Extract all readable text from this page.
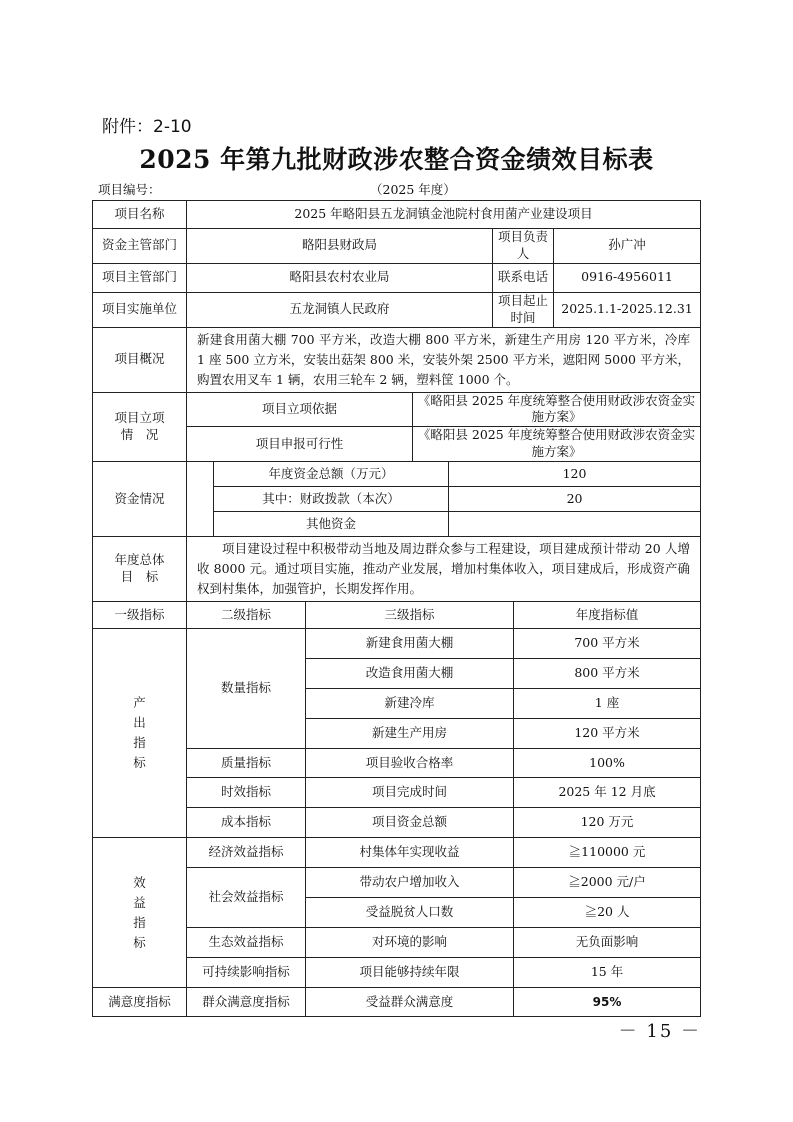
附件：2-10
2025 年第九批财政涉农整合资金绩效目标表
项目编号：	（2025 年度）
项目名称	2025 年略阳县五龙洞镇金池院村食用菌产业建设项目							
资金主管部门	略阳县财政局					项目负责人		孙广冲
项目主管部门	略阳县农村农业局					联系电话		0916-4956011
项目实施单位	五龙洞镇人民政府					项目起止时间		2025.1.1-2025.12.31
项目概况	新建食用菌大棚 700 平方米，改造大棚 800 平方米，新建生产用房 120 平方米，冷库 1 座 500 立方米，安装出菇架 800 米，安装外架 2500 平方米，遮阳网 5000 平方米，购置农用叉车 1 辆，农用三轮车 2 辆，塑料筐 1000 个。							
项目立项
情　况	项目立项依据			《略阳县 2025 年度统筹整合使用财政涉农资金实施方案》				
	项目申报可行性			《略阳县 2025 年度统筹整合使用财政涉农资金实施方案》				
资金情况		年度资金总额（万元）			120			
		其中：财政拨款（本次）			20			
		其他资金						
年度总体
目　标	项目建设过程中积极带动当地及周边群众参与工程建设，项目建成预计带动 20 人增收 8000 元。通过项目实施，推动产业发展，增加村集体收入，项目建成后，形成资产确权到村集体，加强管护，长期发挥作用。							
一级指标	二级指标		三级指标				年度指标值	
产
出
指
标	数量指标		新建食用菌大棚				700 平方米	
			改造食用菌大棚				800 平方米	
			新建冷库				1 座	
			新建生产用房				120 平方米	
	质量指标		项目验收合格率				100%	
	时效指标		项目完成时间				2025 年 12 月底	
	成本指标		项目资金总额				120 万元	
效
益
指
标	经济效益指标		村集体年实现收益				≧110000 元	
	社会效益指标		带动农户增加收入				≧2000 元/户	
			受益脱贫人口数				≧20 人	
	生态效益指标		对环境的影响				无负面影响	
	可持续影响指标		项目能够持续年限				15 年	
满意度指标	群众满意度指标		受益群众满意度				95%	
－ 15 －
